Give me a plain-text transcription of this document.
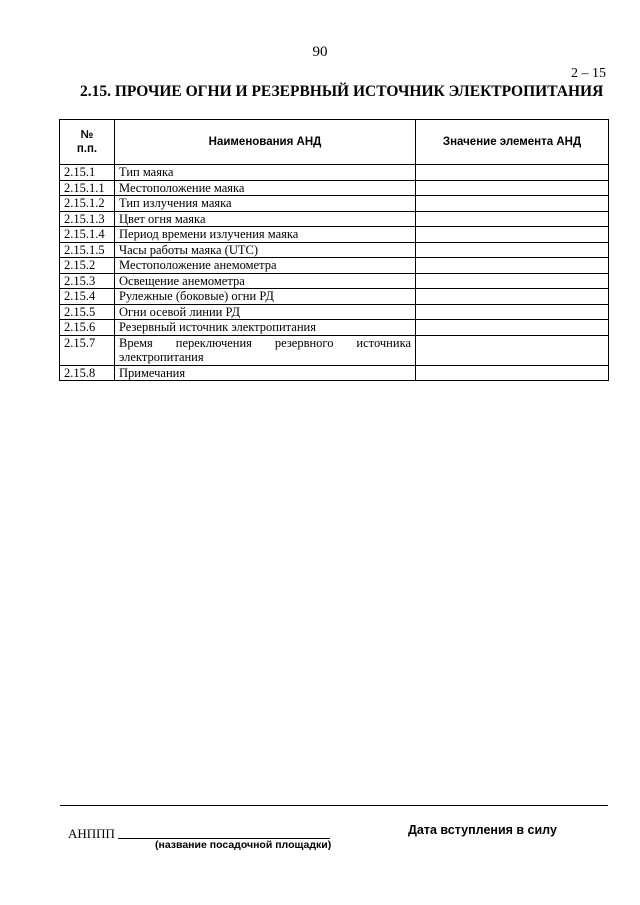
90
2 – 15
2.15. ПРОЧИЕ ОГНИ И РЕЗЕРВНЫЙ ИСТОЧНИК ЭЛЕКТРОПИТАНИЯ
№
п.п.	Наименования АНД	Значение элемента АНД
2.15.1	Тип маяка	
2.15.1.1	Местоположение маяка	
2.15.1.2	Тип излучения маяка	
2.15.1.3	Цвет огня маяка	
2.15.1.4	Период времени излучения маяка	
2.15.1.5	Часы работы маяка (UTC)	
2.15.2	Местоположение анемометра	
2.15.3	Освещение анемометра	
2.15.4	Рулежные (боковые) огни РД	
2.15.5	Огни осевой линии РД	
2.15.6	Резервный источник электропитания	
2.15.7	Время переключения резервного источника
электропитания	
2.15.8	Примечания	
АНППП
(название посадочной площадки)
Дата вступления в силу
